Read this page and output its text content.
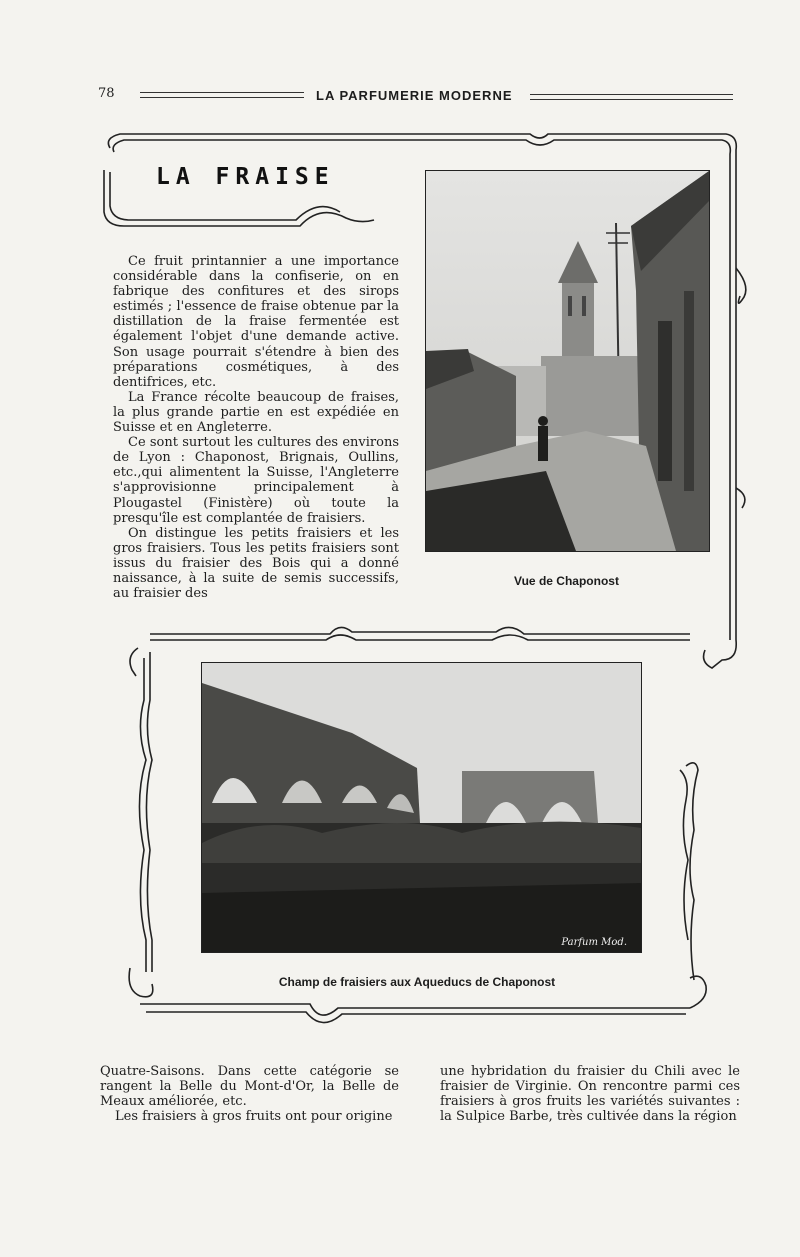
78	LA PARFUMERIE MODERNE
LA FRAISE

Ce fruit printannier a une importance considérable dans la confiserie, on en fabrique des confitures et des sirops estimés ; l'essence de fraise obtenue par la distillation de la fraise fermentée est également l'objet d'une demande active. Son usage pourrait s'étendre à bien des préparations cosmétiques, à des dentifrices, etc.

La France récolte beaucoup de fraises, la plus grande partie en est expédiée en Suisse et en Angleterre.

Ce sont surtout les cultures des environs de Lyon : Chaponost, Brignais, Oullins, etc.,qui alimentent la Suisse, l'Angleterre s'approvisionne principalement à Plougastel (Finistère) où toute la presqu'île est complantée de fraisiers.

On distingue les petits fraisiers et les gros fraisiers. Tous les petits fraisiers sont issus du fraisier des Bois qui a donné naissance, à la suite de semis successifs, au fraisier des

Vue de Chaponost
Parfum Mod.
Champ de fraisiers aux Aqueducs de Chaponost

Quatre-Saisons. Dans cette catégorie se rangent la Belle du Mont-d'Or, la Belle de Meaux améliorée, etc.

Les fraisiers à gros fruits ont pour origine

une hybridation du fraisier du Chili avec le fraisier de Virginie. On rencontre parmi ces fraisiers à gros fruits les variétés suivantes : la Sulpice Barbe, très cultivée dans la région
